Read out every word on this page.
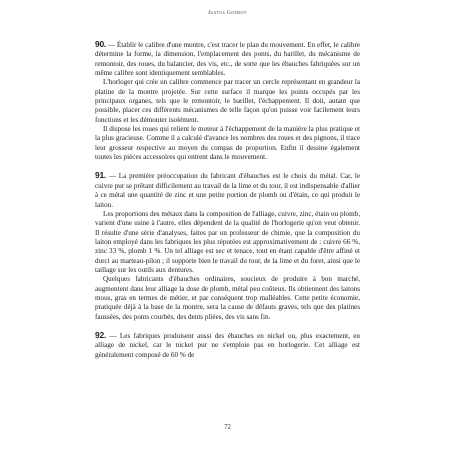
Justus Gosdov

90. — Établir le calibre d'une montre, c'est tracer le plan du mouvement. En effet, le calibre détermine la forme, la dimension, l'emplacement des ponts, du barillet, du mécanisme de remontoir, des roues, du balancier, des vis, etc., de sorte que les ébauches fabriquées sur un même calibre sont identiquement semblables.

L'horloger qui crée un calibre commence par tracer un cercle représentant en grandeur la platine de la montre projetée. Sur cette surface il marque les points occupés par les principaux organes, tels que le remontoir, le barillet, l'échappement. Il doit, autant que possible, placer ces différents mécanismes de telle façon qu'on puisse voir facilement leurs fonctions et les démonter isolément.

Il dispose les roues qui relient le moteur à l'échappement de la manière la plus pratique et la plus gracieuse. Comme il a calculé d'avance les nombres des roues et des pignons, il trace leur grosseur respective au moyen du compas de proportion. Enfin il dessine également toutes les pièces accessoires qui entrent dans le mouvement.

91. — La première préoccupation du fabricant d'ébauches est le choix du métal. Car, le cuivre pur se prêtant difficilement au travail de la lime et du tour, il est indispensable d'allier à ce métal une quantité de zinc et une petite portion de plomb ou d'étain, ce qui produit le laiton.

Les proportions des métaux dans la composition de l'alliage, cuivre, zinc, étain ou plomb, varient d'une usine à l'autre, elles dépendent de la qualité de l'horlogerie qu'on veut obtenir. Il résulte d'une série d'analyses, faites par un professeur de chimie, que la composition du laiton employé dans les fabriques les plus réputées est approximativement de : cuivre 66 %, zinc 33 %, plomb 1 %. Un tel alliage est sec et tenace, tout en étant capable d'être affiné et durci au marteau-pilon ; il supporte bien le travail du tour, de la lime et du foret, ainsi que le taillage sur les outils aux dentures.

Quelques fabricants d'ébauches ordinaires, soucieux de produire à bon marché, augmentent dans leur alliage la dose de plomb, métal peu coûteux. Ils obtiennent des laitons mous, gras en termes de métier, et par conséquent trop malléables. Cette petite économie, pratiquée déjà à la base de la montre, sera la cause de défauts graves, tels que des platines faussées, des ponts courbés, des dents pliées, des vis sans fin.

92. — Les fabriques produisent aussi des ébauches en nickel ou, plus exactement, en alliage de nickel, car le nickel pur ne s'emploie pas en horlogerie. Cet alliage est généralement composé de 60 % de

72
